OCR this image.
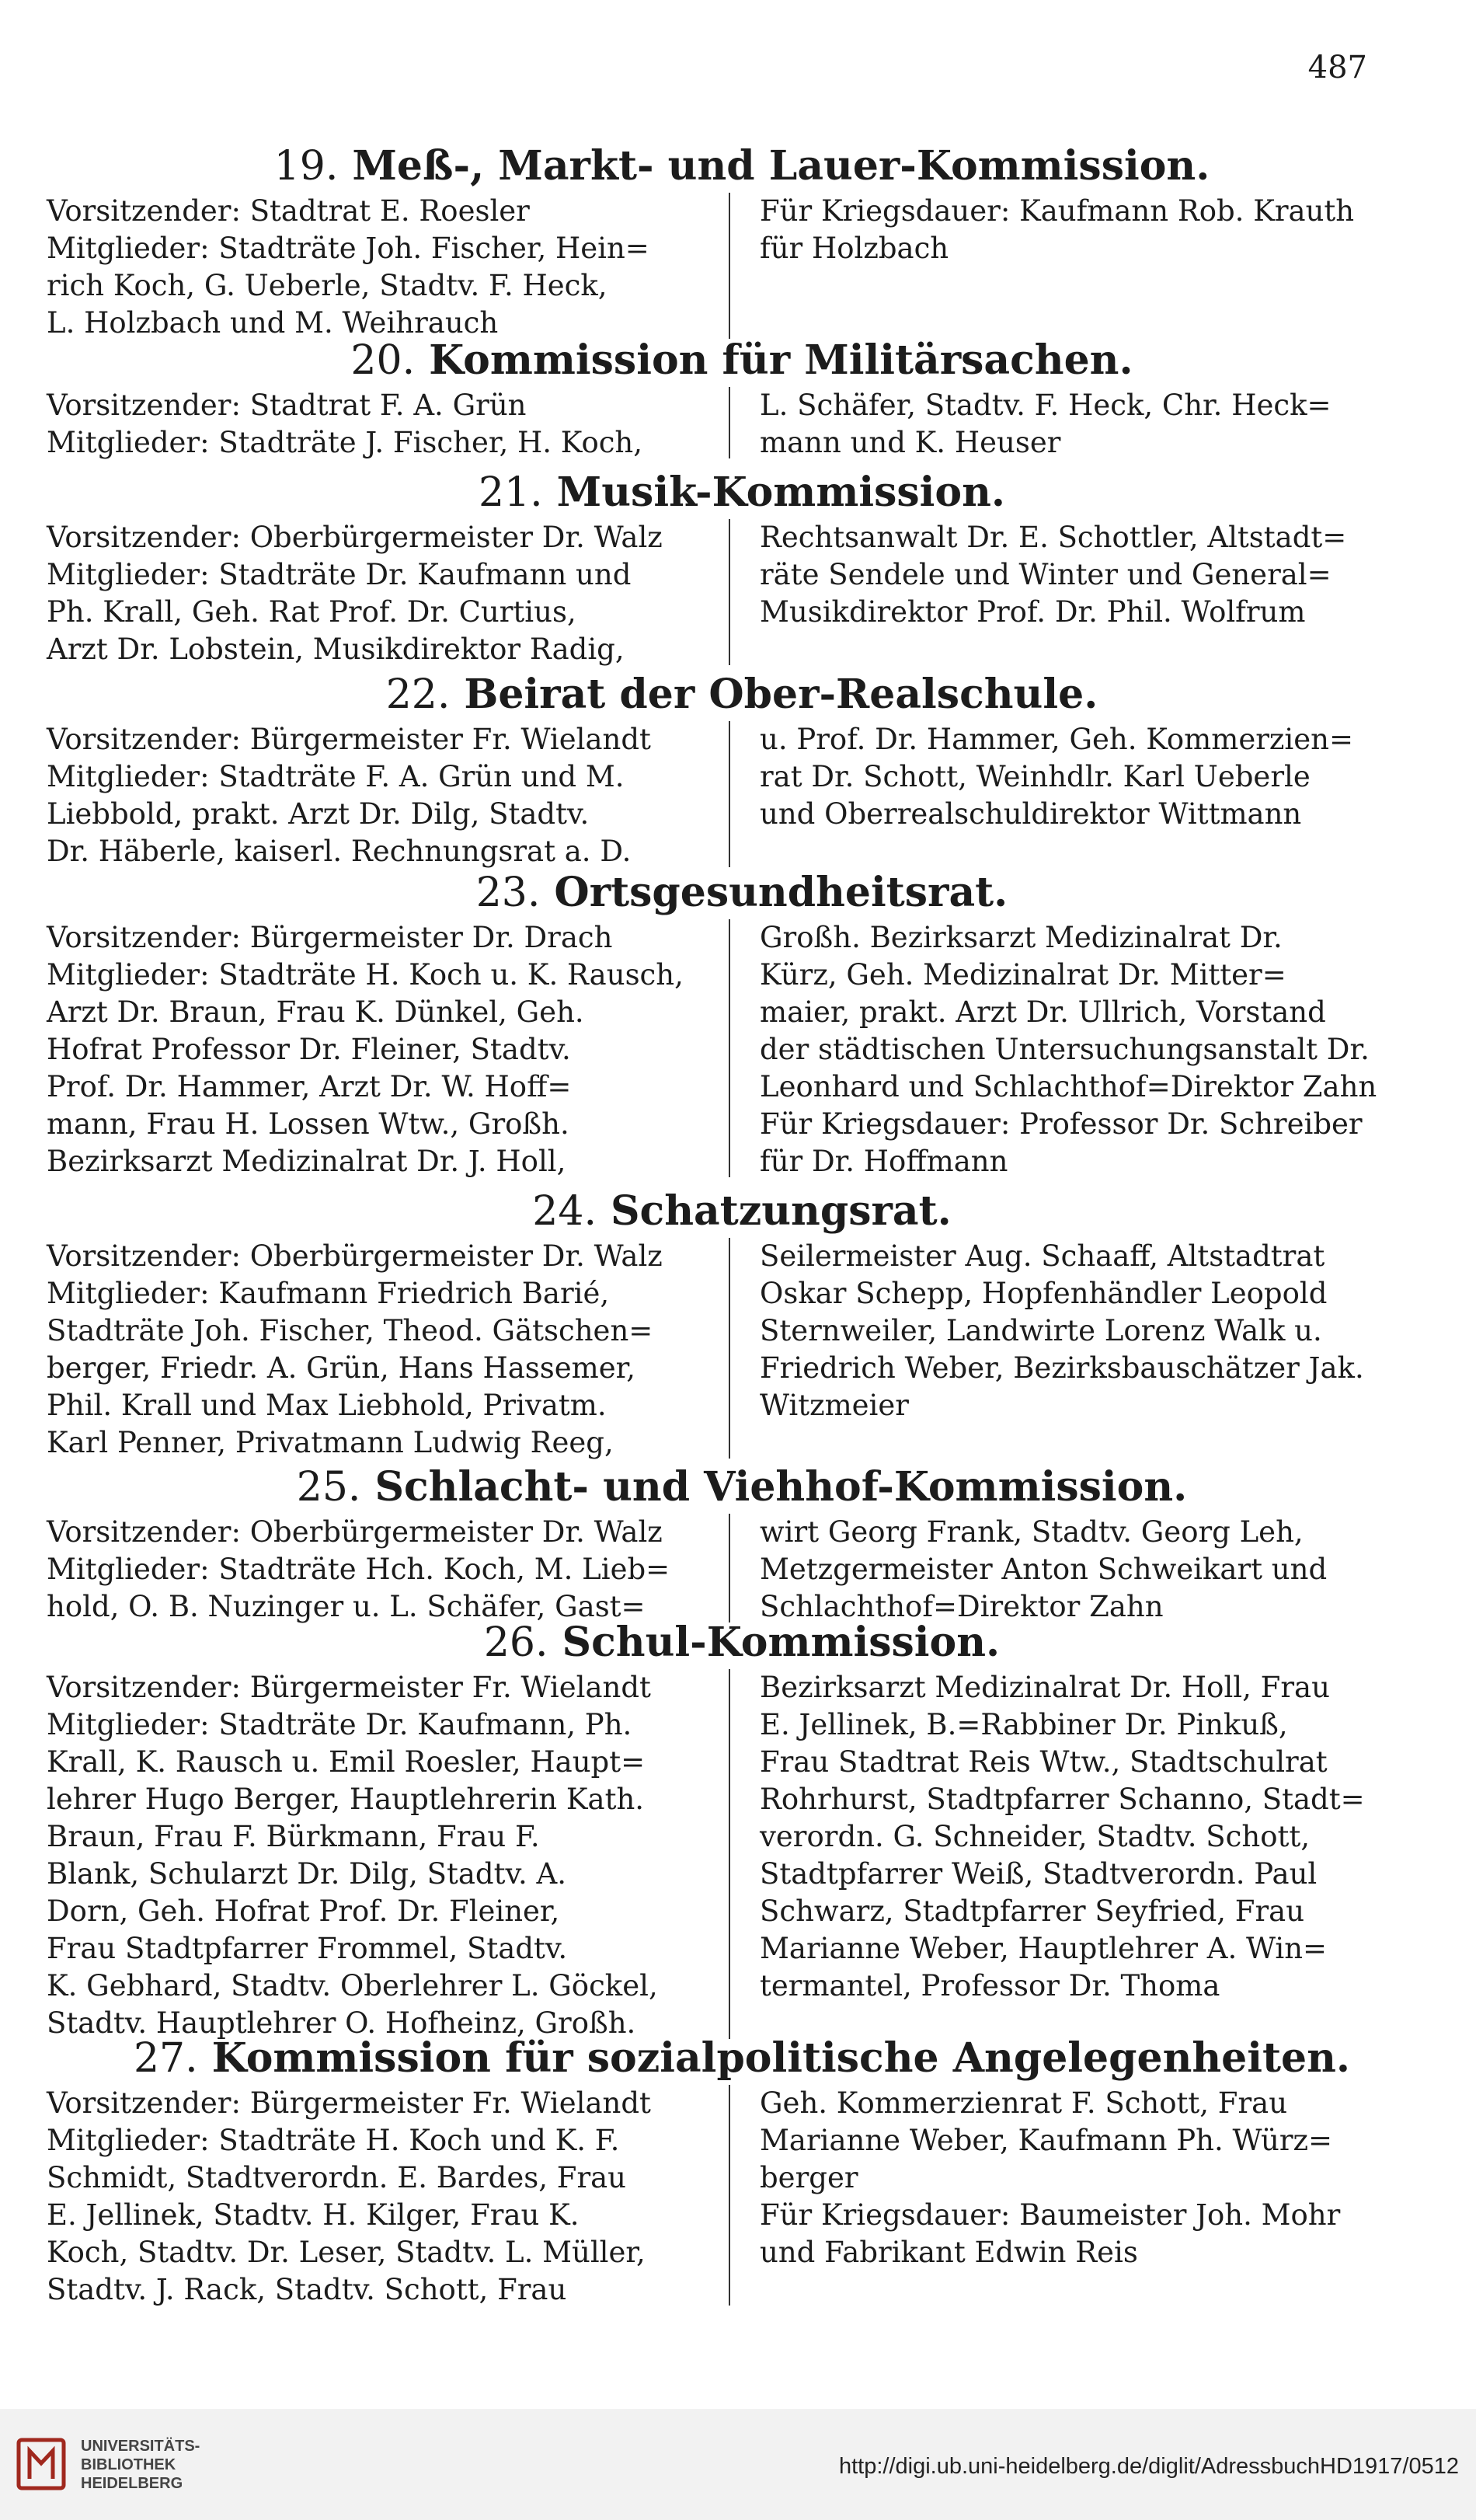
487
19. Meß-, Markt- und Lauer-Kommission.
Vorsitzender: Stadtrat E. Roesler
Mitglieder: Stadträte Joh. Fischer, Hein=
rich Koch, G. Ueberle, Stadtv. F. Heck,
L. Holzbach und M. Weihrauch
Für Kriegsdauer: Kaufmann Rob. Krauth
für Holzbach
20. Kommission für Militärsachen.
Vorsitzender: Stadtrat F. A. Grün
Mitglieder: Stadträte J. Fischer, H. Koch,
L. Schäfer, Stadtv. F. Heck, Chr. Heck=
mann und K. Heuser
21. Musik-Kommission.
Vorsitzender: Oberbürgermeister Dr. Walz
Mitglieder: Stadträte Dr. Kaufmann und
Ph. Krall, Geh. Rat Prof. Dr. Curtius,
Arzt Dr. Lobstein, Musikdirektor Radig,
Rechtsanwalt Dr. E. Schottler, Altstadt=
räte Sendele und Winter und General=
Musikdirektor Prof. Dr. Phil. Wolfrum
22. Beirat der Ober-Realschule.
Vorsitzender: Bürgermeister Fr. Wielandt
Mitglieder: Stadträte F. A. Grün und M.
Liebbold, prakt. Arzt Dr. Dilg, Stadtv.
Dr. Häberle, kaiserl. Rechnungsrat a. D.
u. Prof. Dr. Hammer, Geh. Kommerzien=
rat Dr. Schott, Weinhdlr. Karl Ueberle
und Oberrealschuldirektor Wittmann
23. Ortsgesundheitsrat.
Vorsitzender: Bürgermeister Dr. Drach
Mitglieder: Stadträte H. Koch u. K. Rausch,
Arzt Dr. Braun, Frau K. Dünkel, Geh.
Hofrat Professor Dr. Fleiner, Stadtv.
Prof. Dr. Hammer, Arzt Dr. W. Hoff=
mann, Frau H. Lossen Wtw., Großh.
Bezirksarzt Medizinalrat Dr. J. Holl,
Großh. Bezirksarzt Medizinalrat Dr.
Kürz, Geh. Medizinalrat Dr. Mitter=
maier, prakt. Arzt Dr. Ullrich, Vorstand
der städtischen Untersuchungsanstalt Dr.
Leonhard und Schlachthof=Direktor Zahn
Für Kriegsdauer: Professor Dr. Schreiber
für Dr. Hoffmann
24. Schatzungsrat.
Vorsitzender: Oberbürgermeister Dr. Walz
Mitglieder: Kaufmann Friedrich Barié,
Stadträte Joh. Fischer, Theod. Gätschen=
berger, Friedr. A. Grün, Hans Hassemer,
Phil. Krall und Max Liebhold, Privatm.
Karl Penner, Privatmann Ludwig Reeg,
Seilermeister Aug. Schaaff, Altstadtrat
Oskar Schepp, Hopfenhändler Leopold
Sternweiler, Landwirte Lorenz Walk u.
Friedrich Weber, Bezirksbauschätzer Jak.
Witzmeier
25. Schlacht- und Viehhof-Kommission.
Vorsitzender: Oberbürgermeister Dr. Walz
Mitglieder: Stadträte Hch. Koch, M. Lieb=
hold, O. B. Nuzinger u. L. Schäfer, Gast=
wirt Georg Frank, Stadtv. Georg Leh,
Metzgermeister Anton Schweikart und
Schlachthof=Direktor Zahn
26. Schul-Kommission.
Vorsitzender: Bürgermeister Fr. Wielandt
Mitglieder: Stadträte Dr. Kaufmann, Ph.
Krall, K. Rausch u. Emil Roesler, Haupt=
lehrer Hugo Berger, Hauptlehrerin Kath.
Braun, Frau F. Bürkmann, Frau F.
Blank, Schularzt Dr. Dilg, Stadtv. A.
Dorn, Geh. Hofrat Prof. Dr. Fleiner,
Frau Stadtpfarrer Frommel, Stadtv.
K. Gebhard, Stadtv. Oberlehrer L. Göckel,
Stadtv. Hauptlehrer O. Hofheinz, Großh.
Bezirksarzt Medizinalrat Dr. Holl, Frau
E. Jellinek, B.=Rabbiner Dr. Pinkuß,
Frau Stadtrat Reis Wtw., Stadtschulrat
Rohrhurst, Stadtpfarrer Schanno, Stadt=
verordn. G. Schneider, Stadtv. Schott,
Stadtpfarrer Weiß, Stadtverordn. Paul
Schwarz, Stadtpfarrer Seyfried, Frau
Marianne Weber, Hauptlehrer A. Win=
termantel, Professor Dr. Thoma
27. Kommission für sozialpolitische Angelegenheiten.
Vorsitzender: Bürgermeister Fr. Wielandt
Mitglieder: Stadträte H. Koch und K. F.
Schmidt, Stadtverordn. E. Bardes, Frau
E. Jellinek, Stadtv. H. Kilger, Frau K.
Koch, Stadtv. Dr. Leser, Stadtv. L. Müller,
Stadtv. J. Rack, Stadtv. Schott, Frau
Geh. Kommerzienrat F. Schott, Frau
Marianne Weber, Kaufmann Ph. Würz=
berger
Für Kriegsdauer: Baumeister Joh. Mohr
und Fabrikant Edwin Reis
UNIVERSITÄTS-
BIBLIOTHEK
HEIDELBERG
http://digi.ub.uni-heidelberg.de/diglit/AdressbuchHD1917/0512
